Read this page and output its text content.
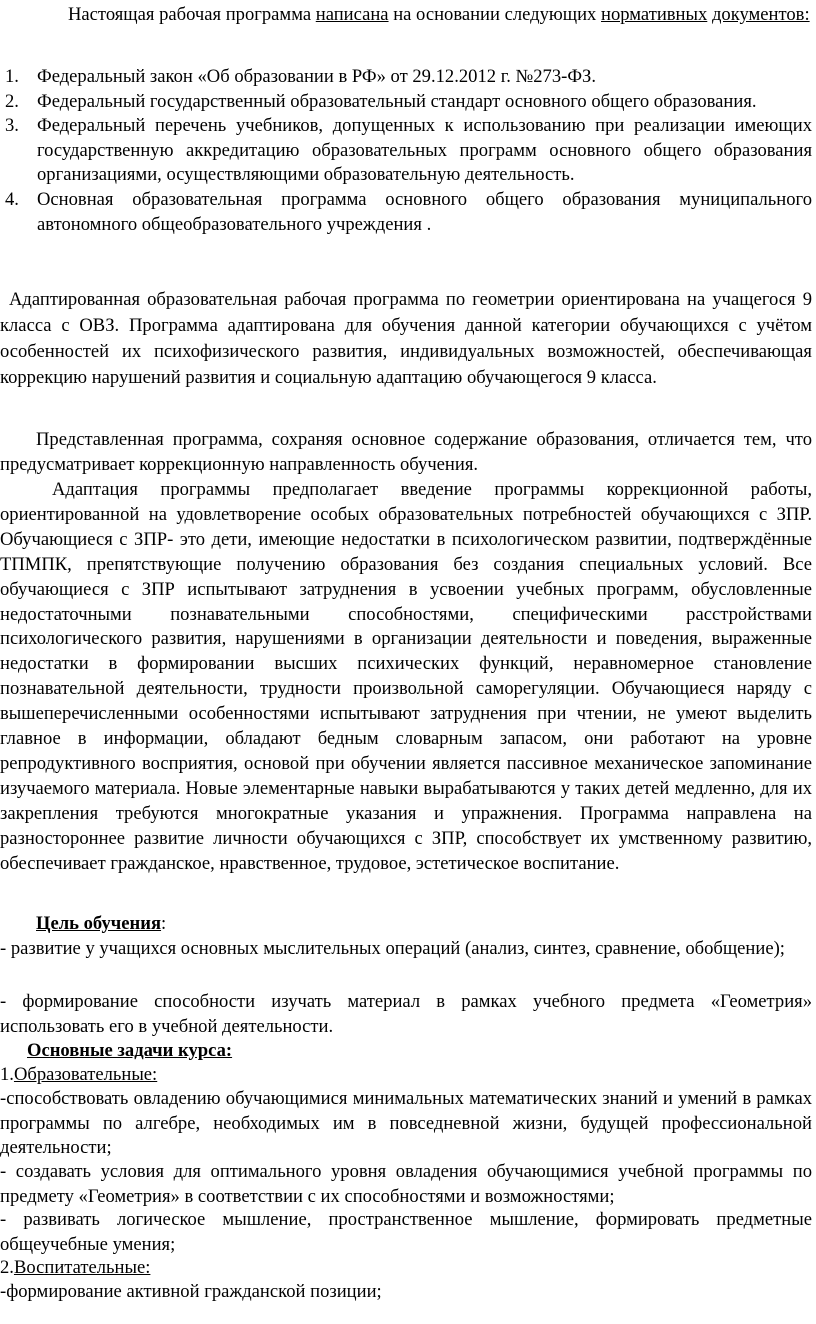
Настоящая рабочая программа написана на основании следующих нормативных документов:

1. Федеральный закон «Об образовании в РФ» от 29.12.2012 г. №273-ФЗ.
2. Федеральный государственный образовательный стандарт основного общего образования.
3. Федеральный перечень учебников, допущенных к использованию при реализации имеющих государственную аккредитацию образовательных программ основного общего образования организациями, осуществляющими образовательную деятельность.
4. Основная образовательная программа основного общего образования муниципального автономного общеобразовательного учреждения .

Адаптированная образовательная рабочая программа по геометрии ориентирована на учащегося 9 класса с ОВЗ. Программа адаптирована для обучения данной категории обучающихся с учётом особенностей их психофизического развития, индивидуальных возможностей, обеспечивающая коррекцию нарушений развития и социальную адаптацию обучающегося 9 класса.

Представленная программа, сохраняя основное содержание образования, отличается тем, что предусматривает коррекционную направленность обучения.

Адаптация программы предполагает введение программы коррекционной работы, ориентированной на удовлетворение особых образовательных потребностей обучающихся с ЗПР. Обучающиеся с ЗПР- это дети, имеющие недостатки в психологическом развитии, подтверждённые ТПМПК, препятствующие получению образования без создания специальных условий. Все обучающиеся с ЗПР испытывают затруднения в усвоении учебных программ, обусловленные недостаточными познавательными способностями, специфическими расстройствами психологического развития, нарушениями в организации деятельности и поведения, выраженные недостатки в формировании высших психических функций, неравномерное становление познавательной деятельности, трудности произвольной саморегуляции. Обучающиеся наряду с вышеперечисленными особенностями испытывают затруднения при чтении, не умеют выделить главное в информации, обладают бедным словарным запасом, они работают на уровне репродуктивного восприятия, основой при обучении является пассивное механическое запоминание изучаемого материала. Новые элементарные навыки вырабатываются у таких детей медленно, для их закрепления требуются многократные указания и упражнения. Программа направлена на разностороннее развитие личности обучающихся с ЗПР, способствует их умственному развитию, обеспечивает гражданское, нравственное, трудовое, эстетическое воспитание.

Цель обучения:

- развитие у учащихся основных мыслительных операций (анализ, синтез, сравнение, обобщение);

- формирование способности изучать материал в рамках учебного предмета «Геометрия» использовать его в учебной деятельности.

Основные задачи курса:

1.Образовательные:

-способствовать овладению обучающимися минимальных математических знаний и умений в рамках программы по алгебре, необходимых им в повседневной жизни, будущей профессиональной деятельности;

- создавать условия для оптимального уровня овладения обучающимися учебной программы по предмету «Геометрия» в соответствии с их способностями и возможностями;

- развивать логическое мышление, пространственное мышление, формировать предметные общеучебные умения;

2.Воспитательные:

-формирование активной гражданской позиции;
